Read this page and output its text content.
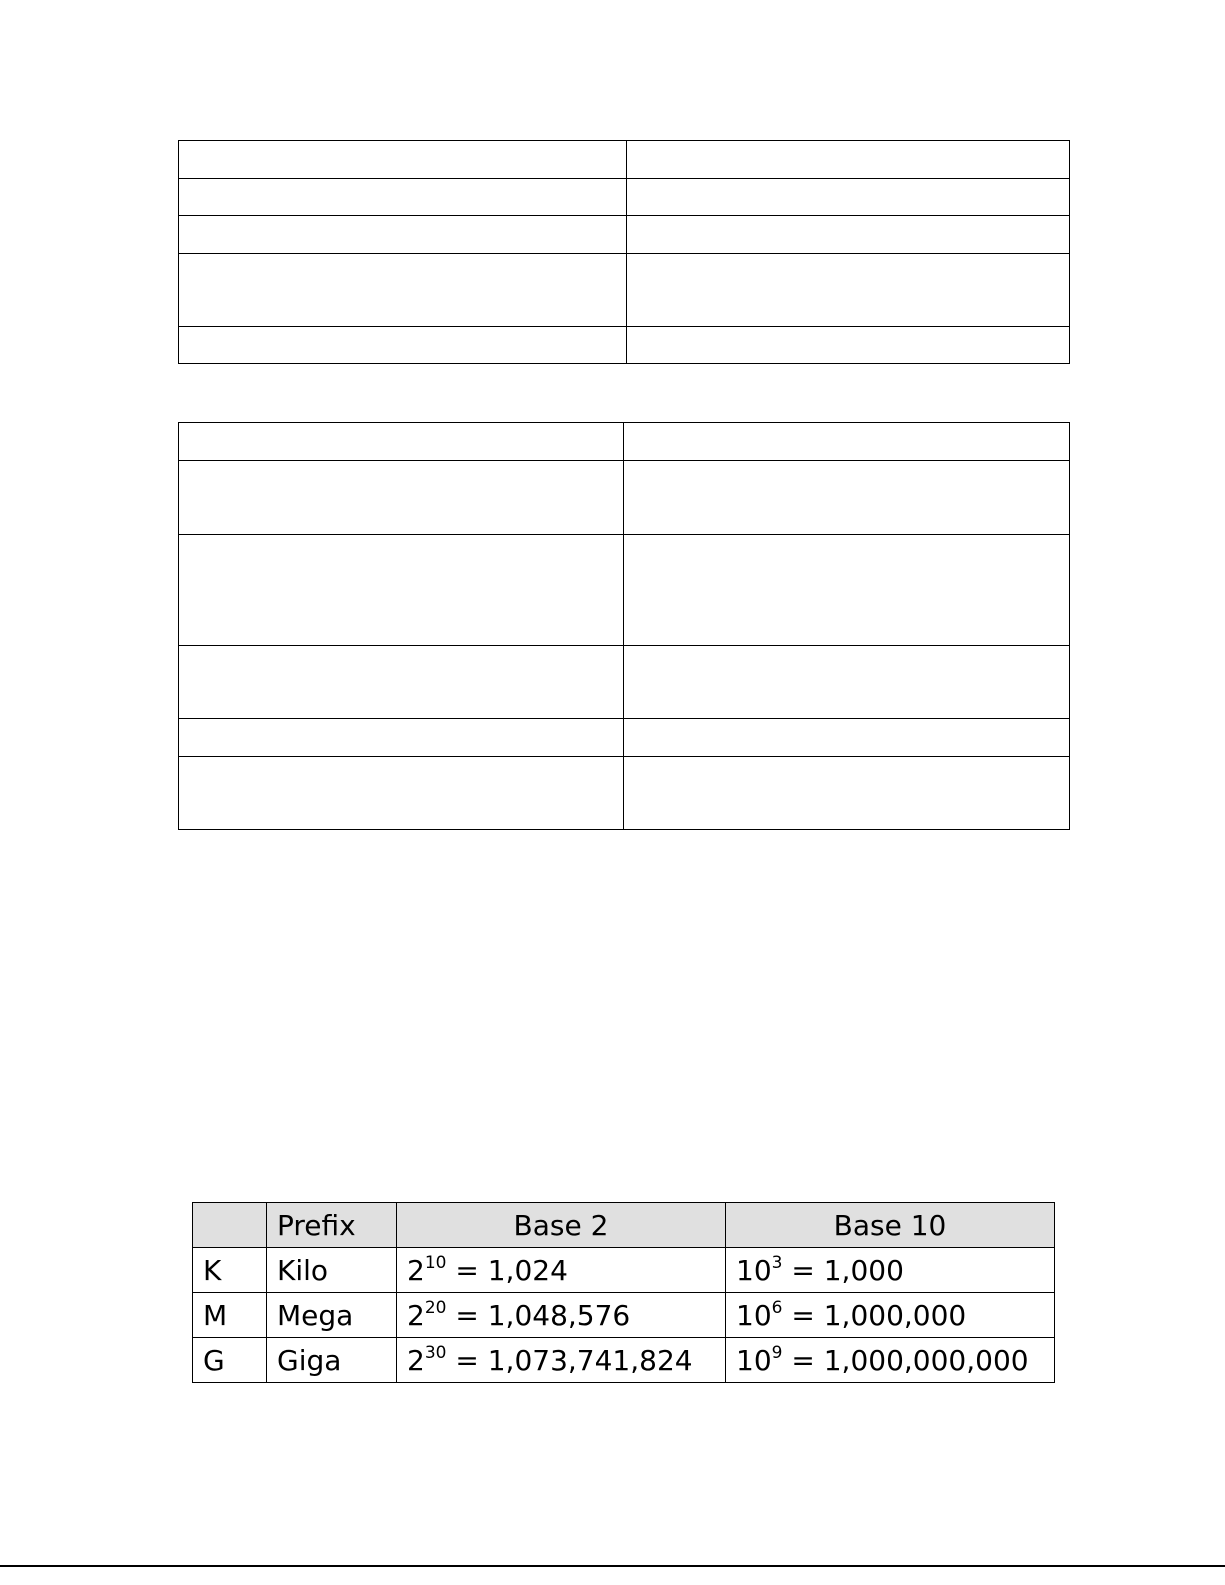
	Prefix	Base 2	Base 10
K	Kilo	$2^{10} = 1,024$	$10^3 = 1,000$
M	Mega	$2^{20} = 1,048,576$	$10^6 = 1,000,000$
G	Giga	$2^{30} = 1,073,741,824$	$10^9 = 1,000,000,000$
